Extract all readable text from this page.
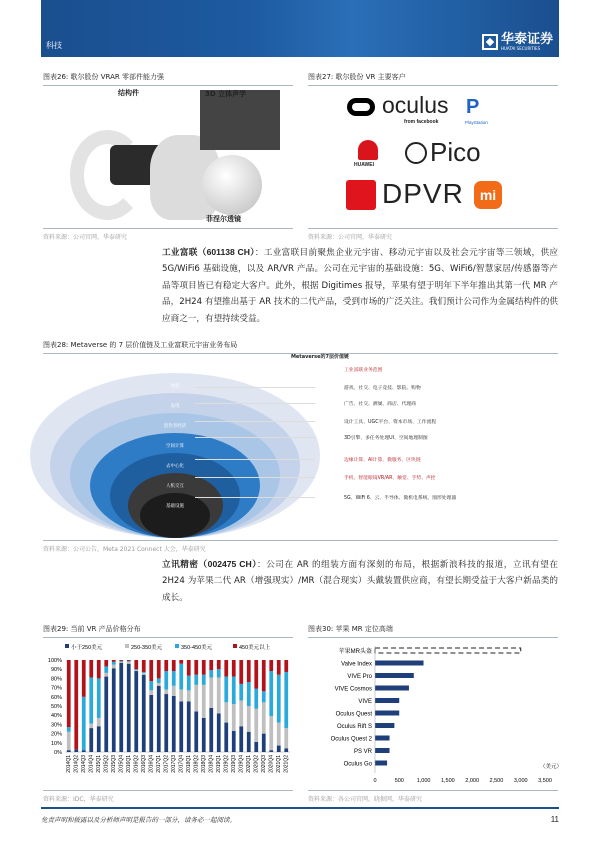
科技	华泰证券
HUATAI SECURITIES
图表26: 歌尔股份 VRAR 零部件能力强
结构件	3D 立体声学
菲涅尔透镜
资料来源：公司官网，华泰研究
图表27: 歌尔股份 VR 主要客户
oculus
from facebook
P
PlayStation
HUAWEI Pico
DPVR	mi
资料来源：公司官网，华泰研究
工业富联（601138 CH）：工业富联目前聚焦企业元宇宙、移动元宇宙以及社会元宇宙等三领域，供应 5G/WiFi6 基础设施，以及 AR/VR 产品。公司在元宇宙的基础设施：5G、WiFi6/智慧家居/传感器等产品等项目皆已有稳定大客户。此外，根据 Digitimes 报导，苹果有望于明年下半年推出其第一代 MR 产品，2H24 有望推出基于 AR 技术的二代产品，受到市场的广泛关注。我们预计公司作为金属结构件的供应商之一，有望持续受益。
图表28: Metaverse 的 7 层价值链及工业富联元宇宙业务布局
Metaverse的7层价值链
体验	游戏、社交、电子竞技、影院、购物
发现	广告、社交、测屡、商店、代理商
创作者经济
设计工具、UGC平台、资本市场、工作流程
空间计算
3D引擎、多任务处理UI、空间地理制图
去中心化
边缘计算、AI计算、微服务、区块链
人机交互
手机、智能眼镜VR/AR、触觉、手势、声控
基础设施
5G、WiFi 6、云、半导体、微机电系统、图形处理器
工业富联业务范围
资料来源：公司公告，Meta 2021 Connect 大会，华泰研究
立讯精密（002475 CH）：公司在 AR 的组装方面有深刻的布局，根据新浪科技的报道，立讯有望在 2H24 为苹果二代 AR（增强现实）/MR（混合现实）头戴装置供应商，有望长期受益于大客户新品类的成长。
图表29: 当前 VR 产品价格分布
小于250美元	250-350美元	350-450美元	450美元以上
0%
10%
20%
30%
40%
50%
60%
70%
80%
90%
100%
2014Q1 2014Q2 2014Q3 2014Q4 2015Q1 2015Q2 2015Q3 2015Q4 2016Q1 2016Q2 2016Q3 2016Q4 2017Q1 2017Q2 2017Q3 2017Q4 2018Q1 2018Q2 2018Q3 2018Q4 2019Q1 2019Q2 2019Q3 2019Q4 2020Q1 2020Q2 2020Q3 2020Q4 2021Q1 2021Q2
资料来源：IDC，华泰研究
图表30: 苹果 MR 定位高端
苹果MR头盔
Valve Index
VIVE Pro
VIVE Cosmos
VIVE
Oculus Quest
Oculus Rift S
Oculus Quest 2
PS VR
Oculus Go
0	500 1,000 1,500 2,000 2,500 3,000 3,500
（美元）
资料来源：各公司官网，晓据网，华泰研究
免责声明和披露以及分析师声明是报告的一部分，请务必一起阅读。	11
